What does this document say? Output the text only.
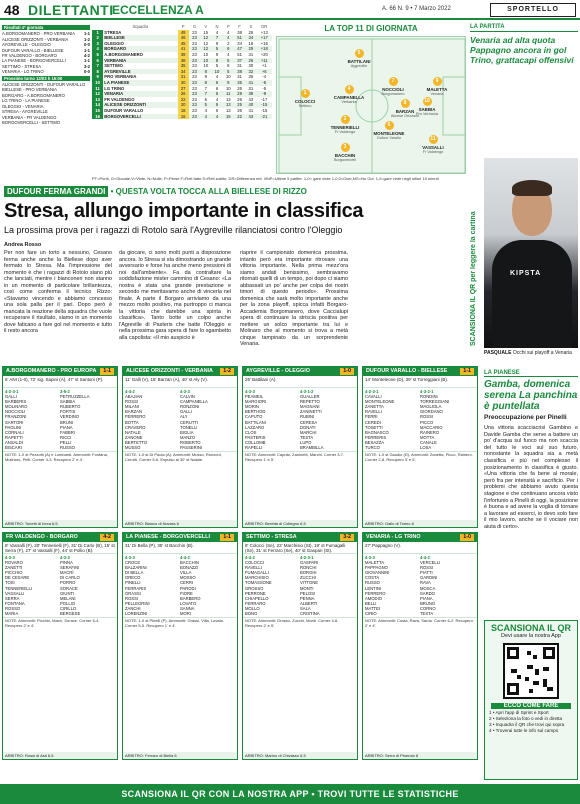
48 DILETTANTI
ECCELLENZA A	A. 66 N. 9 • 7 Marzo 2022	SPORTELLO
Risultati 4ª giornata
A.BORGOMANERO - PRO VERBANIA 1-1
ALICESE ORIZZONTI - VERBANIA	1-2
AYGREVILLE - OLEGGIO	0-0
DUFOUR VARALLO - BIELLESE	1-1
FR VALDENGO - BORGARO	4-2
LA PIANESE - BORGOVERCELLI	1-1
SETTIMO - STRESA	3-2
VENARIA - LG TRINO	0-0
Prossimo turno 13/03 h 15:00
ALICESE ORIZZONTI - DUFOUR VARALLO
BIELLESE - PRO VERBANIA
BORGARO - A.BORGOMANERO
LG TRINO - LA PIANESE
OLEGGIO - VENARIA
STRESA - AYGREVILLE
VERBANIA - FR VALDENGO
BORGOVERCELLI - SETTIMO
	Squadra	P	G	V	N	P	F	S	DR
1	STRESA	49	23	15	4	4	38	25	+13
2	BIELLESE	46	23	12	7	4	51	34	+17
3	OLEGGIO	45	23	12	9	2	34	18	+16
4	BORGARO	41	23	12	5	6	47	29	+18
5	A.BORGOMANERO	39	23	10	9	4	51	31	+20
6	VERBANIA	38	23	10	8	5	37	26	+11
7	SETTIMO	35	23	10	5	8	31	30	+1
8	AYGREVILLE	34	23	8	10	5	38	32	+6
9	PRO VERBANIA	31	23	9	4	10	31	35	-4
10	LA PIANESE	30	23	8	6	9	35	41	-6
11	LG TRINO	27	23	7	6	10	26	31	-5
12	VENARIA	26	23	7	5	11	29	38	-9
13	FR VALDENGO	22	23	6	4	13	26	43	-17
14	ALICESE ORIZZONTI	20	23	5	5	13	25	40	-15
15	DUFOUR VARALLO	18	23	4	6	13	26	41	-15
16	BORGOVERCELLI	16	23	4	4	15	22	43	-21
LA TOP 11 DI GIORNATA
1
COLOCCI
Settimo
2
TENNERIELLI
Fr Valdengo
3
BACCHIN
Borgovercelli
4
CAMPANELLA
Verbania
5
BATTILANI
Aygreville
6
MONTELEONE
Dufour Varallo
7
NOCCIOLI
Borgomanero
8
BARZAN
Alicese Orizzonti
9
MALETTA
Venaria
10
SABBIA
Pro Verbania
11
VASSALLI
Fr Valdengo
LA PARTITA
Venaria ad alta quota Pappagno ancora in gol Trino, grattacapi offensivi
PT=Punti, G=Giocate,V=Vinte, N=Nulle, P=Perse F=Reti fatte S=Reti subite, DR=Differenza reti. VMP=Ultime 5 partite. 1-0= gare vinte 1-0,0=Over,NG=No Gol. 1,0=gare vinte negli ultimi 15 minuti
DUFOUR FERMA GRANDI • QUESTA VOLTA TOCCA ALLA BIELLESE DI RIZZO
Stresa, allungo importante in classifica
La prossima prova per i ragazzi di Rotolo sarà l'Aygreville rilanciatosi contro l'Oleggio
Andrea Rosso
Per non fare un torto a nessuno, Cesano ferma anche anche la Biellese dopo aver fermato lo Stresa. Ma l'impressione del momento è che i ragazzi di Rotolo siano più che lanciati, mentre i bianconeri non stanno in un momento di particolare brillantezza, così come conferma il tecnico Rizzo: «Stavamo vincendo e abbiamo concesso una sola palla per il pari. Dopo però è mancata la reazione della squadra che vuole recuperare il risultato, siamo in un momento dove faticano a fare gol nel momento e tutto il resto ancora
da giocare, ci sono molti punti a disposizione ancora. lo Stresa si sta dimostrando un grande avversario e forse ha anche meno pressioni di noi dall'ambiente». Fa da contraltare la soddisfazione mister cammino di Cesano: «La nostra è stata una grande prestazione e secondo me meritavamo anche di vincerla nel finale. A parte il Borgaro arriviamo da una mezzo molto positivo, ma purtroppo ci manca la vittoria che darebbe una spinta in classifica». Tanto botte un colpo anche l'Agreville di Pasteris che batte l'Oleggio e nella prossima gara spera di fare lo sgambetto alla capolista: «Il mio auspicio è
riaprire il campionato domenica prossima, intanto però era importante ritrovare una vittoria importante. Nella prima mezz'ora siamo andati benissimo, sembravamo ritornati quelli di un tempo, poi dopo ci siamo abbassati un po' anche per colpa dei nostri timori di questo periodo». Prossima domenica che sarà molto importante anche per la zona playoff, spicca infatti Borgaro-Accademia Borgomanero, dove Caccialupi spera di continuare la striscia positiva per mettere un solco importante tra lui e Molinaro che al momento si trova a metà cinque tampinato da un sorprendente Venaria.	SCANSIONA IL QR per leggere la cartina	KIPSTA
PASQUALE Occhi sui playoff a Venaria
LA PIANESE
Gamba, domenica serena La panchina è puntellata
Preoccupazione per Pinelli
Una vittoria scacciacrisi Gambino e Davide Gamba che serve a battere un po' d'acqua sul fuoco ma non scaccia del tutto le voci sul suo futuro, nonostante la squadra sia a metà classifica e più nel complesso il posizionamento in classifica è giusto. «Una vittoria che fa bene al morale, però fra per intensità e sacrificio. Per i problemi che abbiamo avuto questa stagione e che continuano ancora visto l'infortunio a Pinelli di oggi, la posizione è buona e ad avere la voglia di tornare a lavorare ad esserci, io devo solo fare il mio lavoro, anche se il vociare non aiuta di certo».
SCANSIONA IL QR
Devi usare la nostra App
ECCO COME FARE
1 • Apri l'app di Sprint e Sport
2 • Seleziona la foto o vedi in diretta
3 • Inquadra il QR che trovi qui sopra
4 • Troverai tutte le info sul campo
A.BORGOMANERO - PRO EUROPA	1-1
6' ANI (1-0), 72' sig. Sapini (A), 47' st Santoni (P).
4-2-3-1
GALLI
BARBERIS
MOLINARO
NOCCIOLI
FRANZONI
SARTORI
PAOLINI
CORNALI
RAPETTI
ANSALDI
BISCARI
3-5-2
PETRUZZELLA
SABBIA
RUBERTO
FORTIS
VERDINO
BRUNI
PIANA
FABBRI
RICCI
PELLI
RUSSO
NOTE: 1-0 st Pezzotti (A) e Lombardi. Ammoniti: Fontana, Molinaro, Pelli. Corner 4-3. Recupero 2' e 4'.
ARBITRO: Tonetti di Ivrea 6,5
ALICESE ORIZZONTI - VERBANIA	1-2
11' Galli (V), 18' Barzan (A), 40' st Aly (V).
4-4-2
ABAJIAN
ROSSI
MILANI
BARZAN
FERRERO
BOTTA
CRAVERO
NATALE
ZANONE
BERTETTO
MUSSO
4-3-3
CALVIN
CAMPANELLA
RONZONI
GALLI
ALY
CERUTTI
TONELLI
BIGLIA
MANZO
ROBERTO
PASSERINI
NOTE: 1-0 st Di Paola (A). Ammoniti: Musso, Ronzoni, Cerutti. Corner 5-6. Espulso al 30' st Natale.
ARBITRO: Bianco di Novara 6
AYGREVILLE - OLEGGIO	1-0
25' Battilani (A).
4-3-3
PEAMEIL
MARGIORI
MORIN
BERTHOD
CAPUTO
BATTILANI
LAZZARO
CLOS
PASTERIS
COLLOMB
RAPELLI
4-3-1-2
GUALLER
REPETTO
MAGNANI
ZANINETTI
RUBINI
CERESA
DONATI
MARCHI
TESTA
LUPO
BRAMBILLA
NOTE: Ammoniti: Caputo, Zaninetti, Marchi. Corner 3-7. Recupero 1' e 5'.
ARBITRO: Beretta di Collegno 6,5
DUFOUR VARALLO - BIELLESE	1-1
14' Monteleone (D), 39' st Torreggiani (B).
4-2-3-1
CAVALLI
MONTELEONE
ZANETTA
RAVELLI
FERRI
CEREDI
TOSETTI
BAGNASCO
FERRERIS
BESAZZA
TURCO
4-3-2-1
RONDINI
TORREGGIANI
MAGLIOLA
GIORDANO
ROSSI
PICCO
MACCARIO
RAINERO
MOTTA
CANALE
LOSA
NOTE: 1-0 st Gaudio (D). Ammoniti: Zanetta, Picco, Rainero. Corner 2-8. Recupero 3' e 5'.
ARBITRO: Gallo di Torino 6
FR VALDENGO - BORGARO	4-2
8' Vassalli (F), 20' Tennerielli (F), 31' Di Carlo (B), 15' st Serra (F), 27' st Vassalli (F), 44' st Pollio (B).
4-3-3
ROVARO
ZANETTI
PICCHIO
DE CESARE
TOSI
TENNERIELLI
VASSALLI
SERRA
FONTANA
ROSSO
MARIA
4-3-3
PINNA
SERAFINI
MACRÌ
DI CARLO
PORRO
SORACE
GIUNTI
MELANI
POLLIO
CIRILLO
BERGESE
NOTE: Ammoniti: Picchio, Macrì, Sorace. Corner 6-4. Recupero 2' e 4'.
ARBITRO: Rossi di Asti 6,5
LA PIANESE - BORGOVERCELLI	1-1
31' Di Bella (P), 35' st Bacchin (B).
4-3-3
CROCE
BALZARINI
DI BELLA
GRECO
PINELLI
FERRARIS
GRASSI
ROSSI
PELLEGRINI
ZANCHI
LORENZINI
4-4-2
BACCHIN
BONAZZI
VILLA
MOSSO
CERRI
PARODI
FIORE
BARBERO
LOVATO
SANNA
MORI
NOTE: 1-0 st Pinelli (P). Ammoniti: Grassi, Villa, Lovato. Corner 5-5. Recupero 1' e 4'.
ARBITRO: Ferraro di Biella 6
SETTIMO - STRESA	3-2
8' Colocci (Se), 22' Marchisio (St), 19' st Fumagalli (Se), 31' st Ferraro (Se), 40' st Gaspari (St).
4-4-2
COLOCCI
RAVELLI
FUMAGALLI
MARCHISIO
TOMASSONE
GROSSO
PERRONE
CHIAPELLO
FERRARO
MOLLO
BONO
4-2-3-1
GASPARI
RONCHI
BORGHI
ZUCCHI
VITTONE
MONTI
PELOSI
PENNA
ALBERTI
SALA
CRISTINA
NOTE: Ammoniti: Grosso, Zucchi, Monti. Corner 4-6. Recupero 2' e 5'.
ARBITRO: Marino di Chivasso 6,5
VENARIA - LG TRINO	1-0
27' Pappagno (V).
4-3-3
MALETTA
PAPPAGNO
GIOVANNINI
COSTA
RUSSO
LENTINI
FERRERO
AMODIO
BELLI
MATTEI
CIRIO
4-4-2
VERCELLI
ROSSI
PIATTI
GARDINI
RAVA
MOSCA
SARDO
PIANA
BRUNO
CORNO
TESTA
NOTE: Ammoniti: Costa, Rava, Sardo. Corner 6-2. Recupero 2' e 4'.
ARBITRO: Serra di Pinerolo 6
SCANSIONA IL QR CON LA NOSTRA APP • TROVI TUTTE LE STATISTICHE
